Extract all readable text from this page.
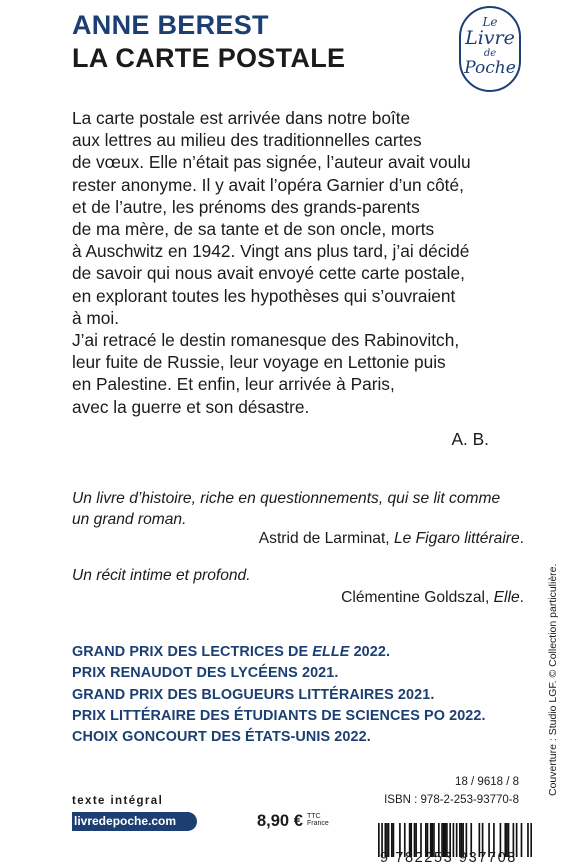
ANNE BEREST
LA CARTE POSTALE
Le
Livre
de
Poche

La carte postale est arrivée dans notre boîte
aux lettres au milieu des traditionnelles cartes
de vœux. Elle n’était pas signée, l’auteur avait voulu
rester anonyme. Il y avait l’opéra Garnier d’un côté,
et de l’autre, les prénoms des grands-parents
de ma mère, de sa tante et de son oncle, morts
à Auschwitz en 1942. Vingt ans plus tard, j’ai décidé
de savoir qui nous avait envoyé cette carte postale,
en explorant toutes les hypothèses qui s’ouvraient
à moi.
J’ai retracé le destin romanesque des Rabinovitch,
leur fuite de Russie, leur voyage en Lettonie puis
en Palestine. Et enfin, leur arrivée à Paris,
avec la guerre et son désastre.

A. B.

Un livre d’histoire, riche en questionnements, qui se lit comme
un grand roman.

Astrid de Larminat, Le Figaro littéraire.

Un récit intime et profond.

Clémentine Goldszal, Elle.

GRAND PRIX DES LECTRICES DE ELLE 2022.
PRIX RENAUDOT DES LYCÉENS 2021.
GRAND PRIX DES BLOGUEURS LITTÉRAIRES 2021.
PRIX LITTÉRAIRE DES ÉTUDIANTS DE SCIENCES PO 2022.
CHOIX GONCOURT DES ÉTATS-UNIS 2022.	Couverture : Studio LGF. © Collection particulière.

18 / 9618 / 8

ISBN : 978-2-253-93770-8

texte intégral

livredepoche.com	8,90 € TTC
France

9 782253 937708
